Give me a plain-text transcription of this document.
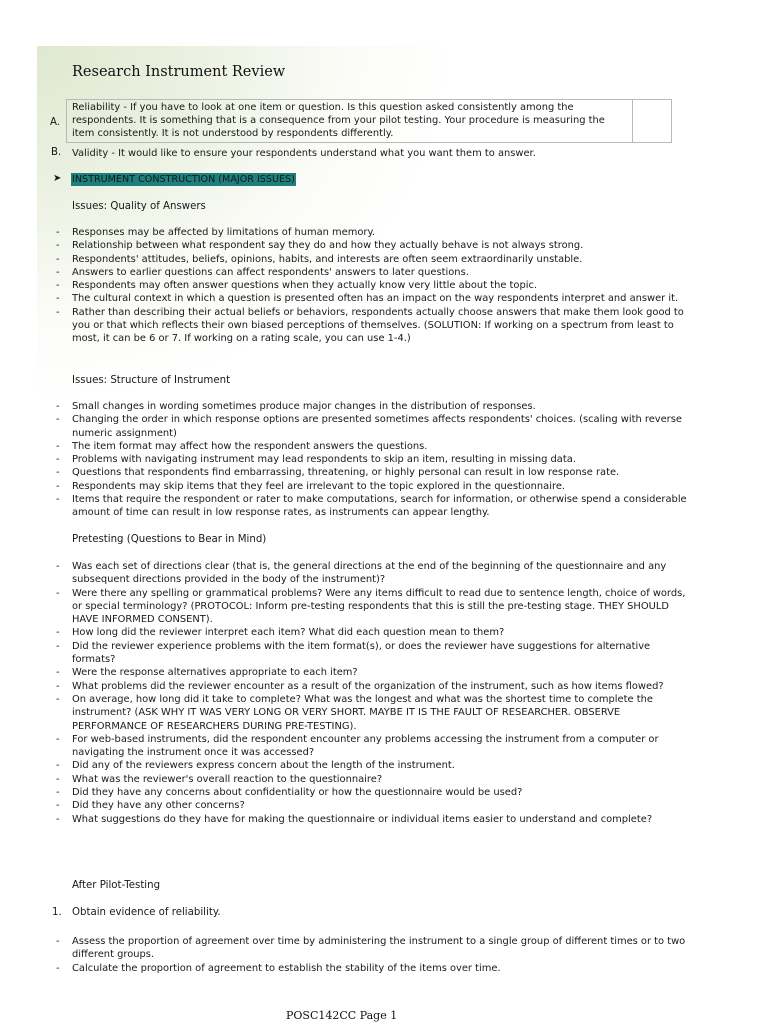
Research Instrument Review
A.
Reliability - If you have to look at one item or question. Is this question asked consistently among the respondents. It is something that is a consequence from your pilot testing. Your procedure is measuring the item consistently. It is not understood by respondents differently.
B. Validity - It would like to ensure your respondents understand what you want them to answer.
➤ INSTRUMENT CONSTRUCTION (MAJOR ISSUES)
Issues: Quality of Answers
- Responses may be affected by limitations of human memory.
- Relationship between what respondent say they do and how they actually behave is not always strong.
- Respondents' attitudes, beliefs, opinions, habits, and interests are often seem extraordinarily unstable.
- Answers to earlier questions can affect respondents' answers to later questions.
- Respondents may often answer questions when they actually know very little about the topic.
- The cultural context in which a question is presented often has an impact on the way respondents interpret and answer it.
- Rather than describing their actual beliefs or behaviors, respondents actually choose answers that make them look good to you or that which reflects their own biased perceptions of themselves. (SOLUTION: If working on a spectrum from least to most, it can be 6 or 7. If working on a rating scale, you can use 1-4.)
Issues: Structure of Instrument
- Small changes in wording sometimes produce major changes in the distribution of responses.
- Changing the order in which response options are presented sometimes affects respondents' choices. (scaling with reverse numeric assignment)
- The item format may affect how the respondent answers the questions.
- Problems with navigating instrument may lead respondents to skip an item, resulting in missing data.
- Questions that respondents find embarrassing, threatening, or highly personal can result in low response rate.
- Respondents may skip items that they feel are irrelevant to the topic explored in the questionnaire.
- Items that require the respondent or rater to make computations, search for information, or otherwise spend a considerable amount of time can result in low response rates, as instruments can appear lengthy.
Pretesting (Questions to Bear in Mind)
- Was each set of directions clear (that is, the general directions at the end of the beginning of the questionnaire and any subsequent directions provided in the body of the instrument)?
- Were there any spelling or grammatical problems? Were any items difficult to read due to sentence length, choice of words, or special terminology? (PROTOCOL: Inform pre-testing respondents that this is still the pre-testing stage. THEY SHOULD HAVE INFORMED CONSENT).
- How long did the reviewer interpret each item? What did each question mean to them?
- Did the reviewer experience problems with the item format(s), or does the reviewer have suggestions for alternative formats?
- Were the response alternatives appropriate to each item?
- What problems did the reviewer encounter as a result of the organization of the instrument, such as how items flowed?
- On average, how long did it take to complete? What was the longest and what was the shortest time to complete the instrument? (ASK WHY IT WAS VERY LONG OR VERY SHORT. MAYBE IT IS THE FAULT OF RESEARCHER. OBSERVE PERFORMANCE OF RESEARCHERS DURING PRE-TESTING).
- For web-based instruments, did the respondent encounter any problems accessing the instrument from a computer or navigating the instrument once it was accessed?
- Did any of the reviewers express concern about the length of the instrument.
- What was the reviewer's overall reaction to the questionnaire?
- Did they have any concerns about confidentiality or how the questionnaire would be used?
- Did they have any other concerns?
- What suggestions do they have for making the questionnaire or individual items easier to understand and complete?
After Pilot-Testing
1. Obtain evidence of reliability.
- Assess the proportion of agreement over time by administering the instrument to a single group of different times or to two different groups.
- Calculate the proportion of agreement to establish the stability of the items over time.
POSC142CC Page 1
